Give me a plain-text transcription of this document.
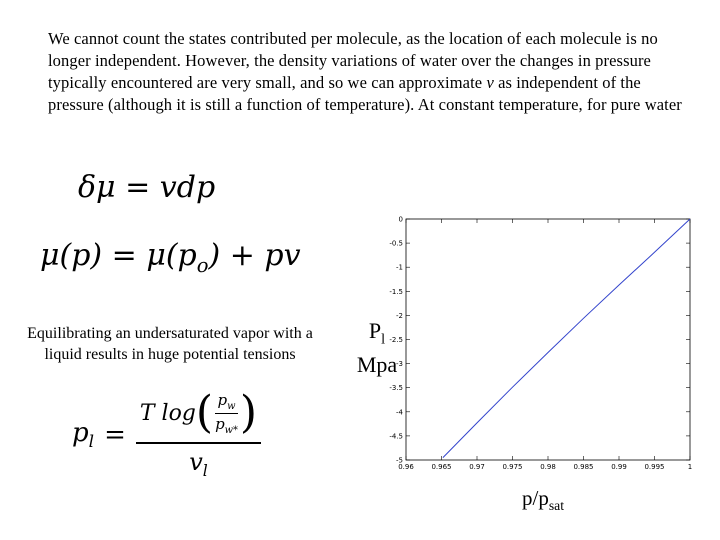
We cannot count the states contributed per molecule, as the location of each molecule is no longer independent. However, the density variations of water over the changes in pressure typically encountered are very small, and so we can approximate v as independent of the pressure (although it is still a function of temperature). At constant temperature, for pure water
δμ = vdp
$\mu(p) = \mu(p_o)$ + pv
Equilibrating an undersaturated vapor with a liquid results in huge potential tensions
$p_l$ =
T log ( $p_w$
$p_{w*}$ )
$v_l$
$P_l$
Mpa
0
-0.5
-1
-1.5
-2
-2.5
-3
-3.5
-4
-4.5
-5
0.96	0.965	0.97	0.975	0.98	0.985	0.99	0.995	1
$p/p_{sat}$
